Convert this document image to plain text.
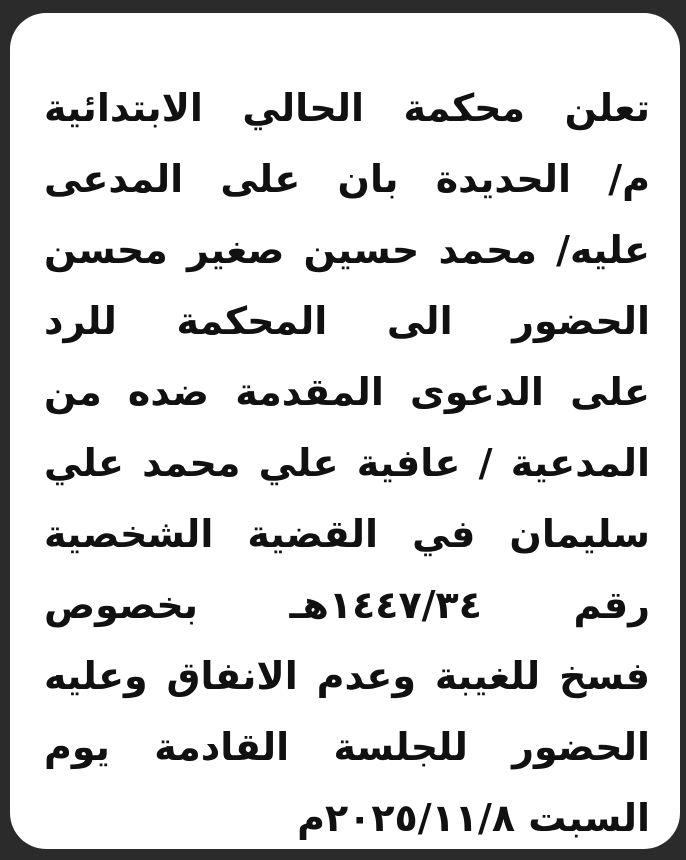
تعلن محكمة الحالي الابتدائية
م/ الحديدة بان على المدعى
عليه/ محمد حسين صغير محسن
الحضور الى المحكمة للرد
على الدعوى المقدمة ضده من
المدعية / عافية علي محمد علي
سليمان في القضية الشخصية
رقم ١٤٤٧/٣٤هـ بخصوص
فسخ للغيبة وعدم الانفاق وعليه
الحضور للجلسة القادمة يوم
السبت ٢٠٢٥/١١/٨م
